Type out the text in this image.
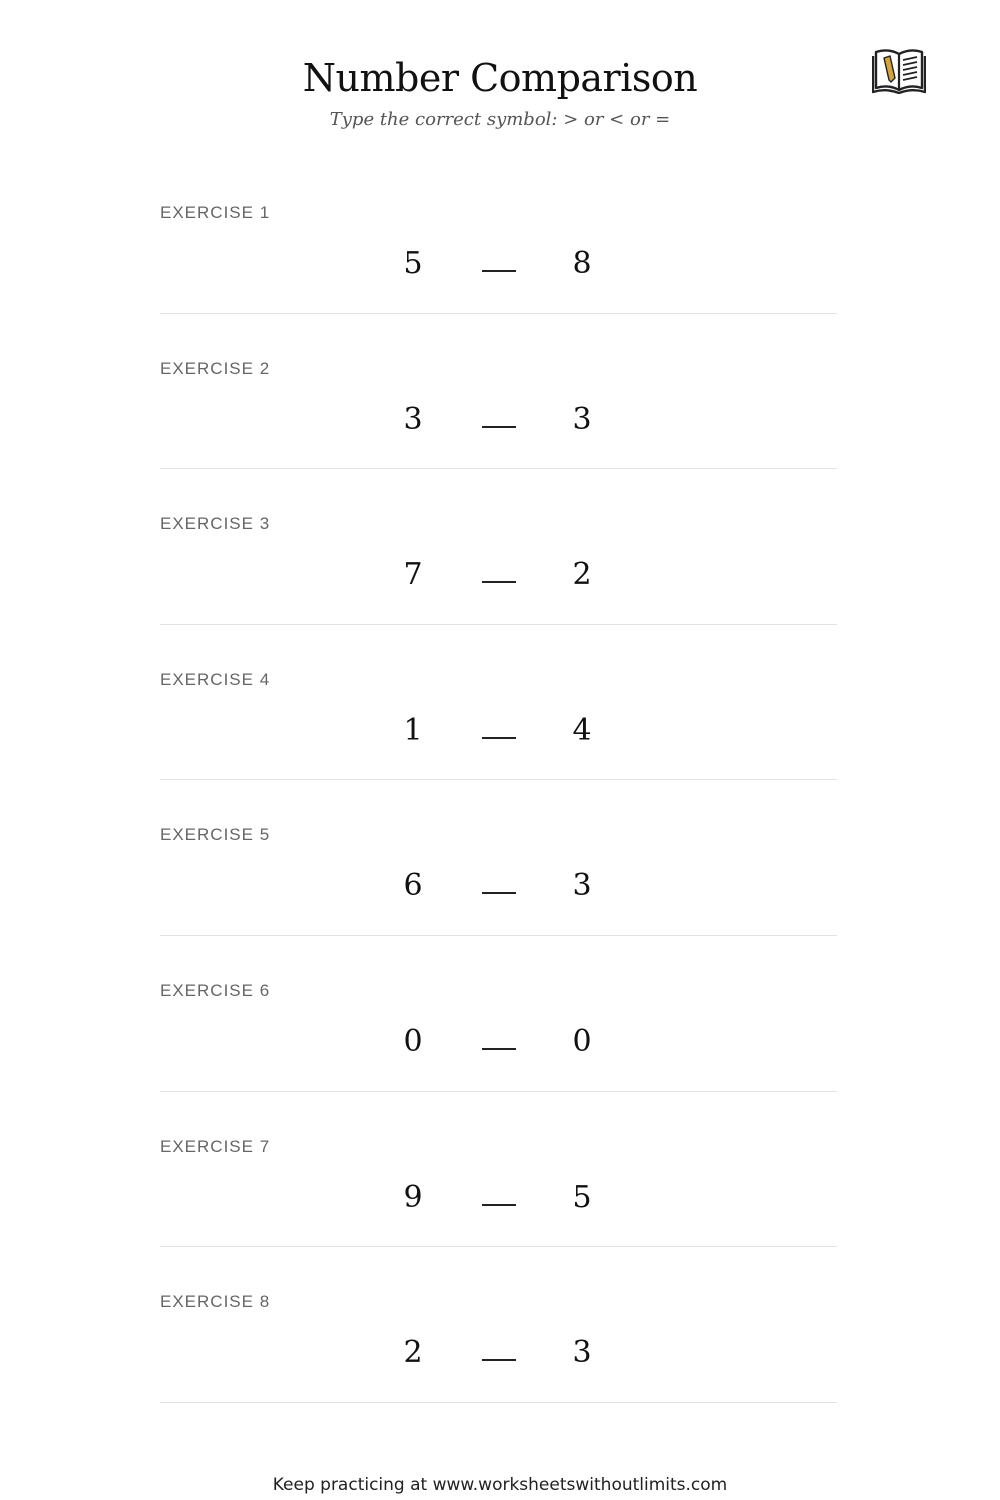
Number Comparison
Type the correct symbol: > or < or =
EXERCISE 1
5	8
EXERCISE 2
3	3
EXERCISE 3
7	2
EXERCISE 4
1	4
EXERCISE 5
6	3
EXERCISE 6
0	0
EXERCISE 7
9	5
EXERCISE 8
2	3
Keep practicing at www.worksheetswithoutlimits.com
